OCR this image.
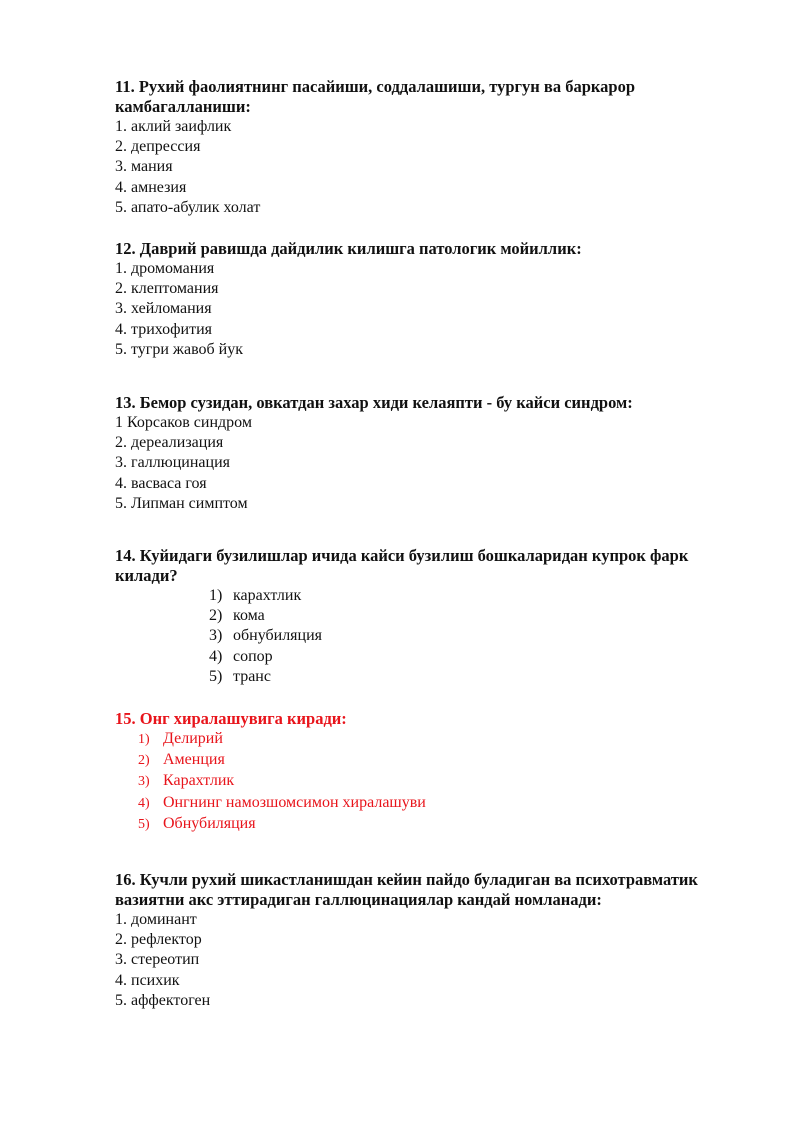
11. Рухий фаолиятнинг пасайиши, соддалашиши, тургун ва баркарор
камбагалланиши:

1. аклий заифлик

2. депрессия

3. мания

4. амнезия

5. апато-абулик холат

12. Даврий равишда дайдилик килишга патологик мойиллик:

1. дромомания

2. клептомания

3. хейломания

4. трихофития

5. тугри жавоб йук

13. Бемор сузидан, овкатдан захар хиди келаяпти - бу кайси синдром:

1 Корсаков синдром

2. дереализация

3. галлюцинация

4. васваса гоя

5. Липман симптом

14. Куйидаги бузилишлар ичида кайси бузилиш бошкаларидан купрок фарк
килади?

1) карахтлик

2) кома

3) обнубиляция

4) сопор

5) транс

15. Онг хиралашувига киради:

1) Делирий

2) Аменция

3) Карахтлик

4) Онгнинг намозшомсимон хиралашуви

5) Обнубиляция

16. Кучли рухий шикастланишдан кейин пайдо буладиган ва психотравматик
вазиятни акс эттирадиган галлюцинациялар кандай номланади:

1. доминант

2. рефлектор

3. стереотип

4. психик

5. аффектоген
